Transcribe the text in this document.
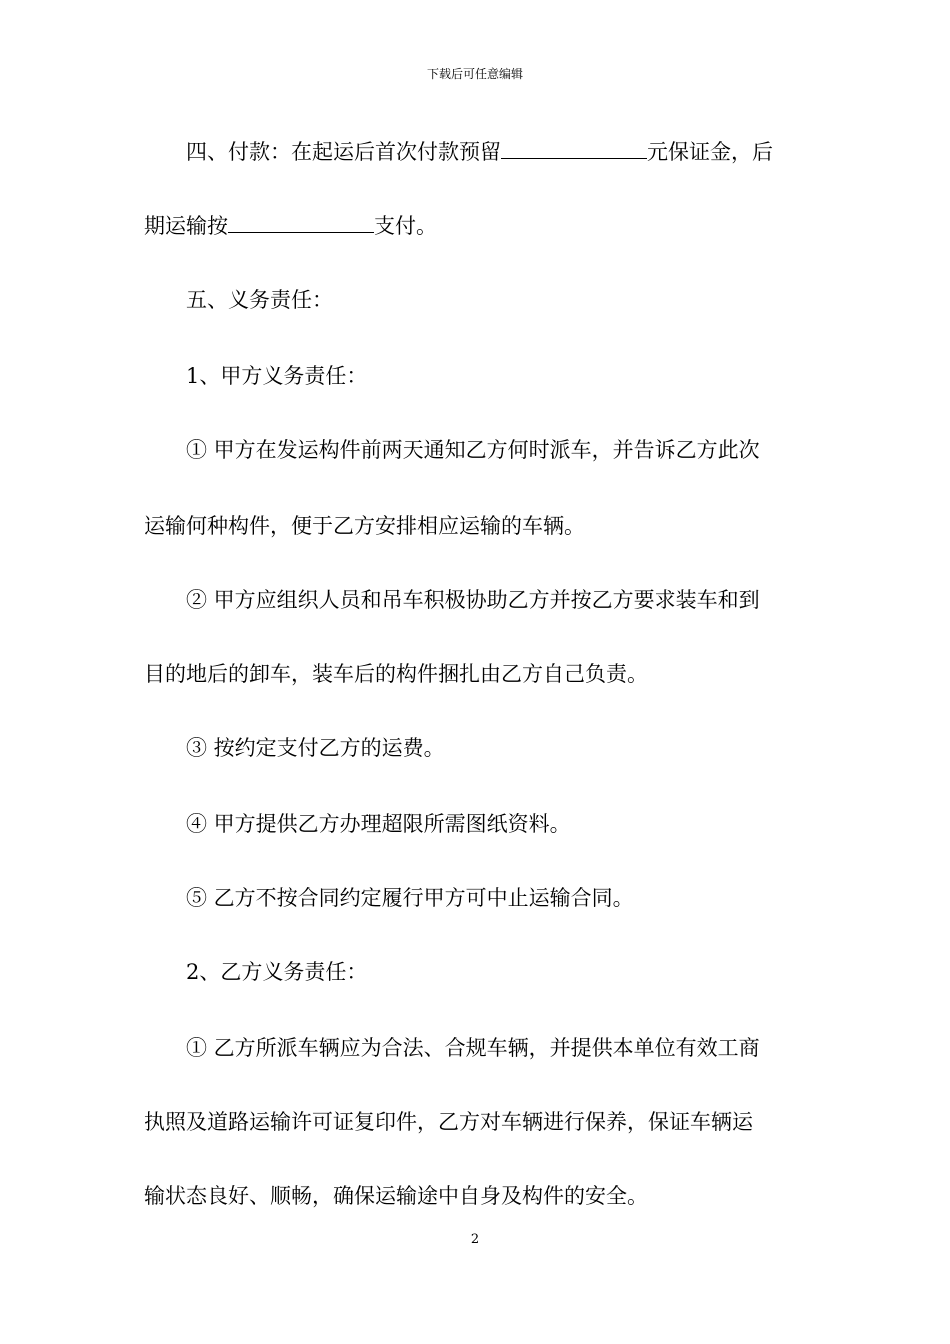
下载后可任意编辑
四、付款：在起运后首次付款预留	元保证金，后
期运输按	支付。
五、义务责任：
1、甲方义务责任：
① 甲方在发运构件前两天通知乙方何时派车，并告诉乙方此次
运输何种构件，便于乙方安排相应运输的车辆。
② 甲方应组织人员和吊车积极协助乙方并按乙方要求装车和到
目的地后的卸车，装车后的构件捆扎由乙方自己负责。
③ 按约定支付乙方的运费。
④ 甲方提供乙方办理超限所需图纸资料。
⑤ 乙方不按合同约定履行甲方可中止运输合同。
2、乙方义务责任：
① 乙方所派车辆应为合法、合规车辆，并提供本单位有效工商
执照及道路运输许可证复印件，乙方对车辆进行保养，保证车辆运
输状态良好、顺畅，确保运输途中自身及构件的安全。
2
